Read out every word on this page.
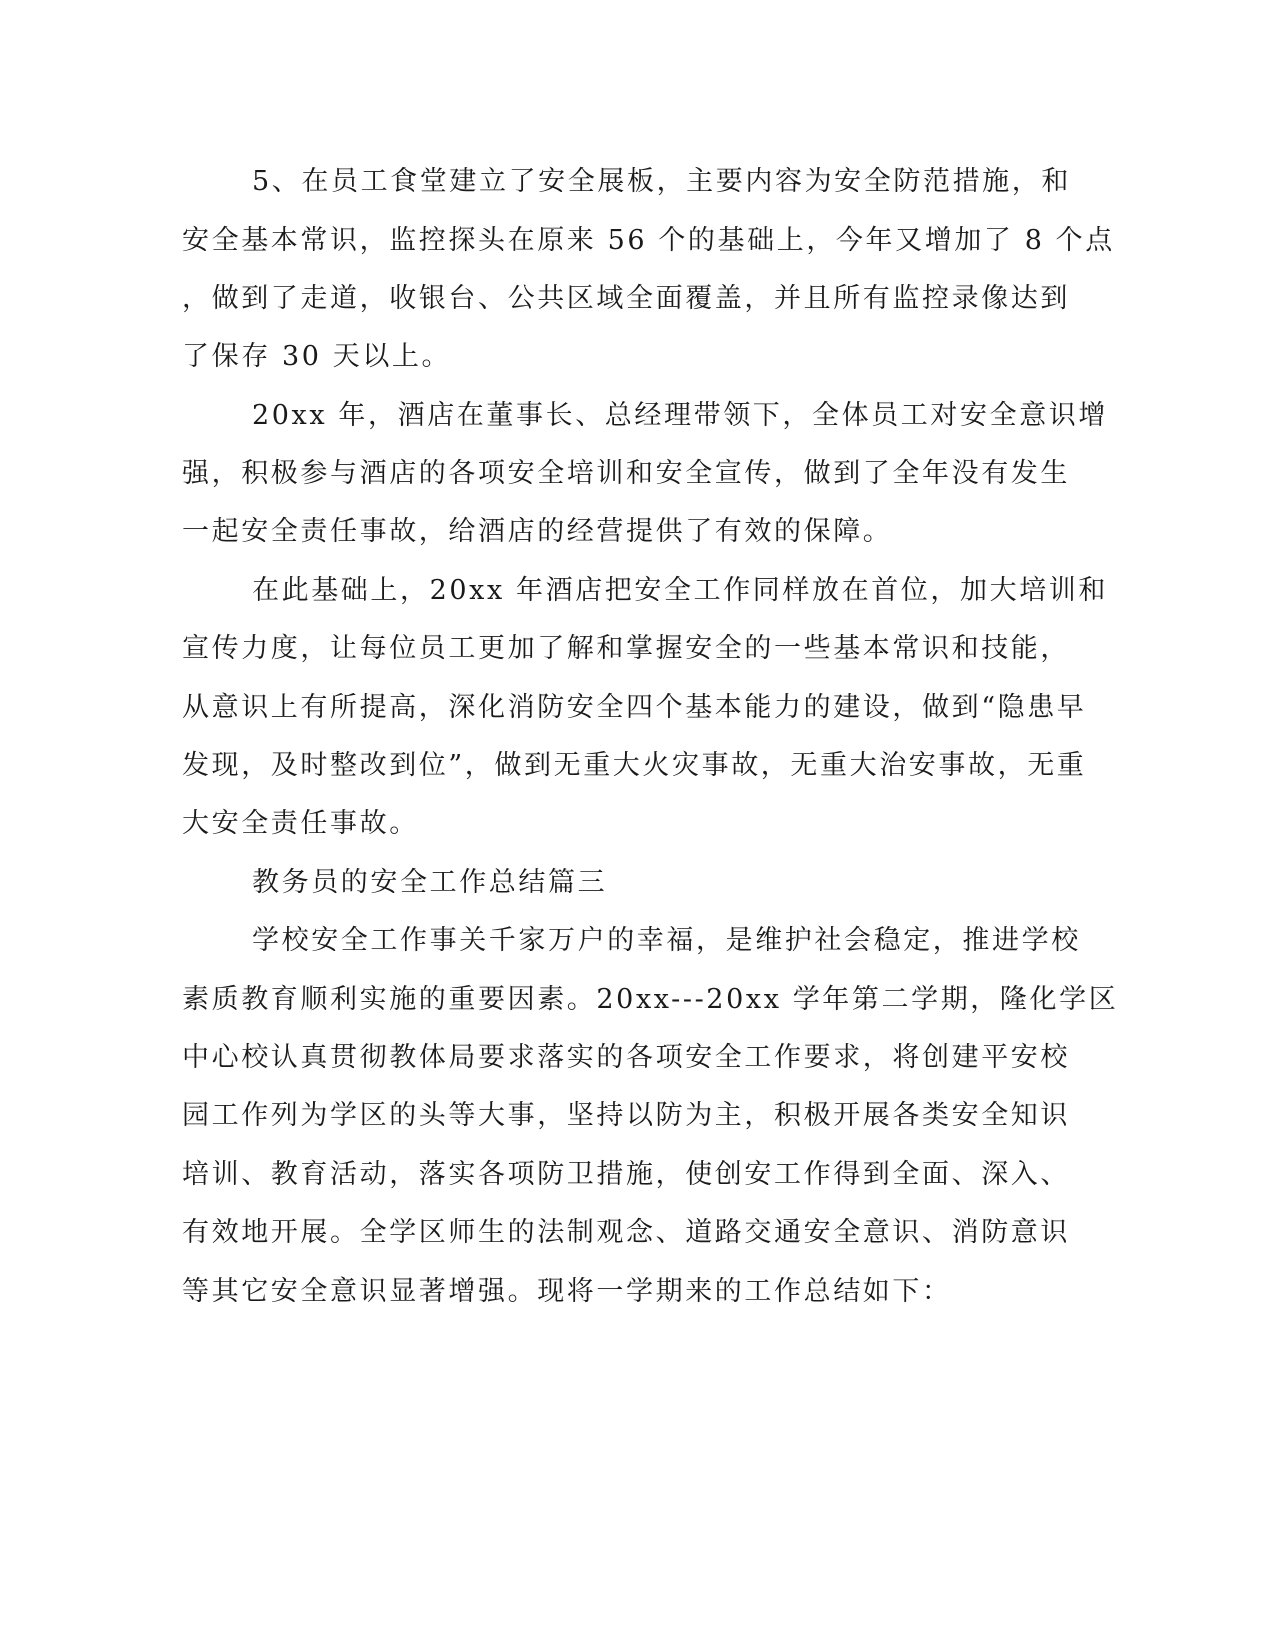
5、在员工食堂建立了安全展板，主要内容为安全防范措施，和
安全基本常识，监控探头在原来 56 个的基础上，今年又增加了 8 个点
，做到了走道，收银台、公共区域全面覆盖，并且所有监控录像达到
了保存 30 天以上。
20xx 年，酒店在董事长、总经理带领下，全体员工对安全意识增
强，积极参与酒店的各项安全培训和安全宣传，做到了全年没有发生
一起安全责任事故，给酒店的经营提供了有效的保障。
在此基础上，20xx 年酒店把安全工作同样放在首位，加大培训和
宣传力度，让每位员工更加了解和掌握安全的一些基本常识和技能，
从意识上有所提高，深化消防安全四个基本能力的建设，做到“隐患早
发现，及时整改到位”，做到无重大火灾事故，无重大治安事故，无重
大安全责任事故。
教务员的安全工作总结篇三
学校安全工作事关千家万户的幸福，是维护社会稳定，推进学校
素质教育顺利实施的重要因素。20xx---20xx 学年第二学期，隆化学区
中心校认真贯彻教体局要求落实的各项安全工作要求，将创建平安校
园工作列为学区的头等大事，坚持以防为主，积极开展各类安全知识
培训、教育活动，落实各项防卫措施，使创安工作得到全面、深入、
有效地开展。全学区师生的法制观念、道路交通安全意识、消防意识
等其它安全意识显著增强。现将一学期来的工作总结如下：
